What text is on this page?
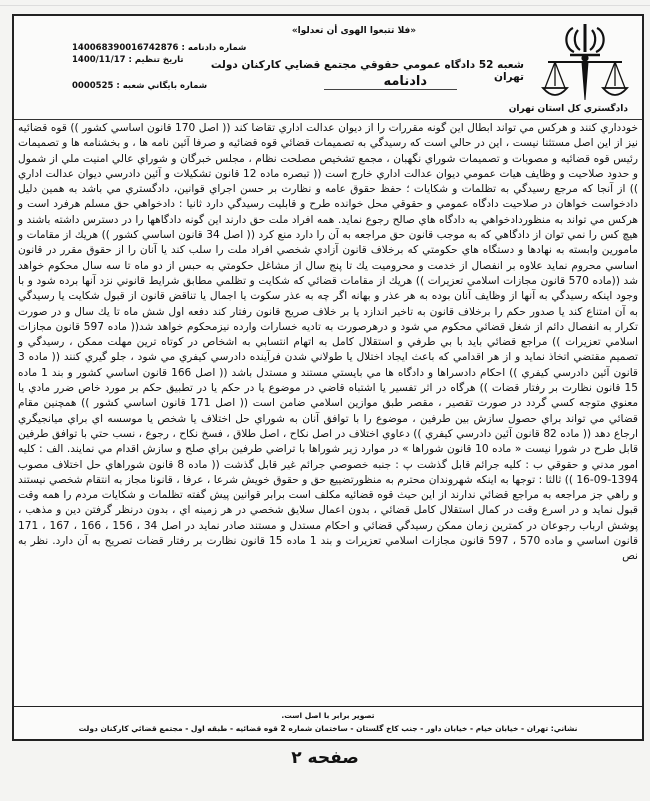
دادگستري كل استان تهران
«فلا تتبعوا الهوى أن تعدلوا»
شعبه 52 دادگاه عمومي حقوقي مجتمع قضايي كاركنان دولت تهران
دادنامه
شماره دادنامه :
140068390016742876
تاريخ تنظيم :
1400/11/17
شماره بايگاني شعبه :
0000525

خودداري كنند و هركس مي تواند ابطال اين گونه مقررات را از ديوان عدالت اداري تقاضا كند (( اصل 170 قانون اساسي كشور )) قوه قضائيه نيز از اين اصل مستثنا نيست ، اين در حالي است كه رسيدگي به تصميمات قضائي قوه قضائيه و صرفا آئين نامه ها ، و بخشنامه ها و تصميمات رئيس قوه قضائيه و مصوبات و تصميمات شوراي نگهبان ، مجمع تشخيص مصلحت نظام ، مجلس خبرگان و شوراي عالي امنيت ملي از شمول و حدود صلاحيت و وظايف هيات عمومي ديوان عدالت اداري خارج است (( تبصره ماده 12 قانون تشكيلات و آئين دادرسي ديوان عدالت اداري )) از آنجا كه مرجع رسيدگي به تظلمات و شكايات ؛ حفظ حقوق عامه و نظارت بر حسن اجراي قوانين، دادگستري مي باشد به همين دليل دادخواست خواهان در صلاحيت دادگاه عمومي و حقوقي محل خوانده طرح و قابليت رسيدگي دارد ثانيا : دادخواهي حق مسلم هرفرد است و هركس مي تواند به منظوردادخواهي به دادگاه هاي صالح رجوع نمايد. همه افراد ملت حق دارند اين گونه دادگاهها را در دسترس داشته باشند و هيچ كس را نمي توان از دادگاهي كه به موجب قانون حق مراجعه به آن را دارد منع كرد (( اصل 34 قانون اساسي كشور )) هريك از مقامات و مامورين وابسته به نهادها و دستگاه هاي حكومتي كه برخلاف قانون آزادي شخصي افراد ملت را سلب كند يا آنان را از حقوق مقرر در قانون اساسي محروم نمايد علاوه بر انفصال از خدمت و محروميت يك تا پنج سال از مشاغل حكومتي به حبس از دو ماه تا سه سال محكوم خواهد شد ((ماده 570 قانون مجازات اسلامي تعزيرات )) هريك از مقامات قضائي كه شكايت و تظلمي مطابق شرايط قانوني نزد آنها برده شود و با وجود اينكه رسيدگي به آنها از وظايف آنان بوده به هر عذر و بهانه اگر چه به عذر سكوت يا اجمال يا تناقض قانون از قبول شكايت يا رسيدگي به آن امتناع كند يا صدور حكم را برخلاف قانون به تاخير اندازد يا بر خلاف صريح قانون رفتار كند دفعه اول شش ماه تا يك سال و در صورت تكرار به انفصال دائم از شغل قضائي محكوم مي شود و درهرصورت به تاديه خسارات وارده نيزمحكوم خواهد شد(( ماده 597 قانون مجازات اسلامي تعزيرات )) مراجع قضائي بايد با بي طرفي و استقلال كامل به اتهام انتسابي به اشخاص در كوتاه ترين مهلت ممكن ، رسيدگي و تصميم مقتضي اتخاذ نمايد و از هر اقدامي كه باعث ايجاد اختلال يا طولاني شدن فرآينده دادرسي كيفري مي شود ، جلو گيري كنند (( ماده 3 قانون آئين دادرسي كيفري )) احكام دادسراها و دادگاه ها مي بايستي مستند و مستدل باشد (( اصل 166 قانون اساسي كشور و بند 1 ماده 15 قانون نظارت بر رفتار قضات )) هرگاه در اثر تفسير يا اشتباه قاضي در موضوع يا در حكم يا در تطبيق حكم بر مورد خاص ضرر مادي يا معنوي متوجه كسي گردد در صورت تقصير ، مقصر طبق موازين اسلامي ضامن است (( اصل 171 قانون اساسي كشور )) همچنين مقام قضائي مي تواند براي حصول سازش بين طرفين ، موضوع را با توافق آنان به شوراي حل اختلاف يا شخص يا موسسه اي براي ميانجيگري ارجاع دهد (( ماده 82 قانون آئين دادرسي كيفري )) دعاوي اختلاف در اصل نكاح ، اصل طلاق ، فسخ نكاح ، رجوع ، نسب حتي با توافق طرفين قابل طرح در شورا نيست « ماده 10 قانون شوراها » در موارد زير شوراها با تراضي طرفين براي صلح و سازش اقدام مي نمايند. الف : كليه امور مدني و حقوقي ب : كليه جرائم قابل گذشت پ : جنبه خصوصي جرائم غير قابل گذشت (( ماده 8 قانون شوراهاي حل اختلاف مصوب 1394-09-16 )) ثالثا : توجها به اينكه شهروندان محترم به منظورتضييع حق و حقوق خويش شرعا ، عرفا ، قانونا مجاز به انتقام شخصي نيستند و راهي جز مراجعه به مراجع قضائي ندارند از اين حيث قوه قضائيه مكلف است برابر قوانين پيش گفته تظلمات و شكايات مردم را همه وقت قبول نمايد و در اسرع وقت در كمال استقلال كامل قضائي ، بدون اعمال سلايق شخصي در هر زمينه اي ، بدون درنظر گرفتن دين و مذهب ، پوشش ارباب رجوعان در كمترين زمان ممكن رسيدگي قضائي و احكام مستدل و مستند صادر نمايد در اصل 34 ، 156 ، 166 ، 167 ، 171 قانون اساسي و ماده 570 ، 597 قانون مجازات اسلامي تعزيرات و بند 1 ماده 15 قانون نظارت بر رفتار قضات تصريح به آن دارد. نظر به نص

تصوير برابر با اصل است.
نشاني: تهران - خيابان خيام - خيابان داور - جنب كاخ گلستان - ساختمان شماره 2 قوه قضائيه - طبقه اول - مجتمع قضائي كاركنان دولت
صفحه ۲
